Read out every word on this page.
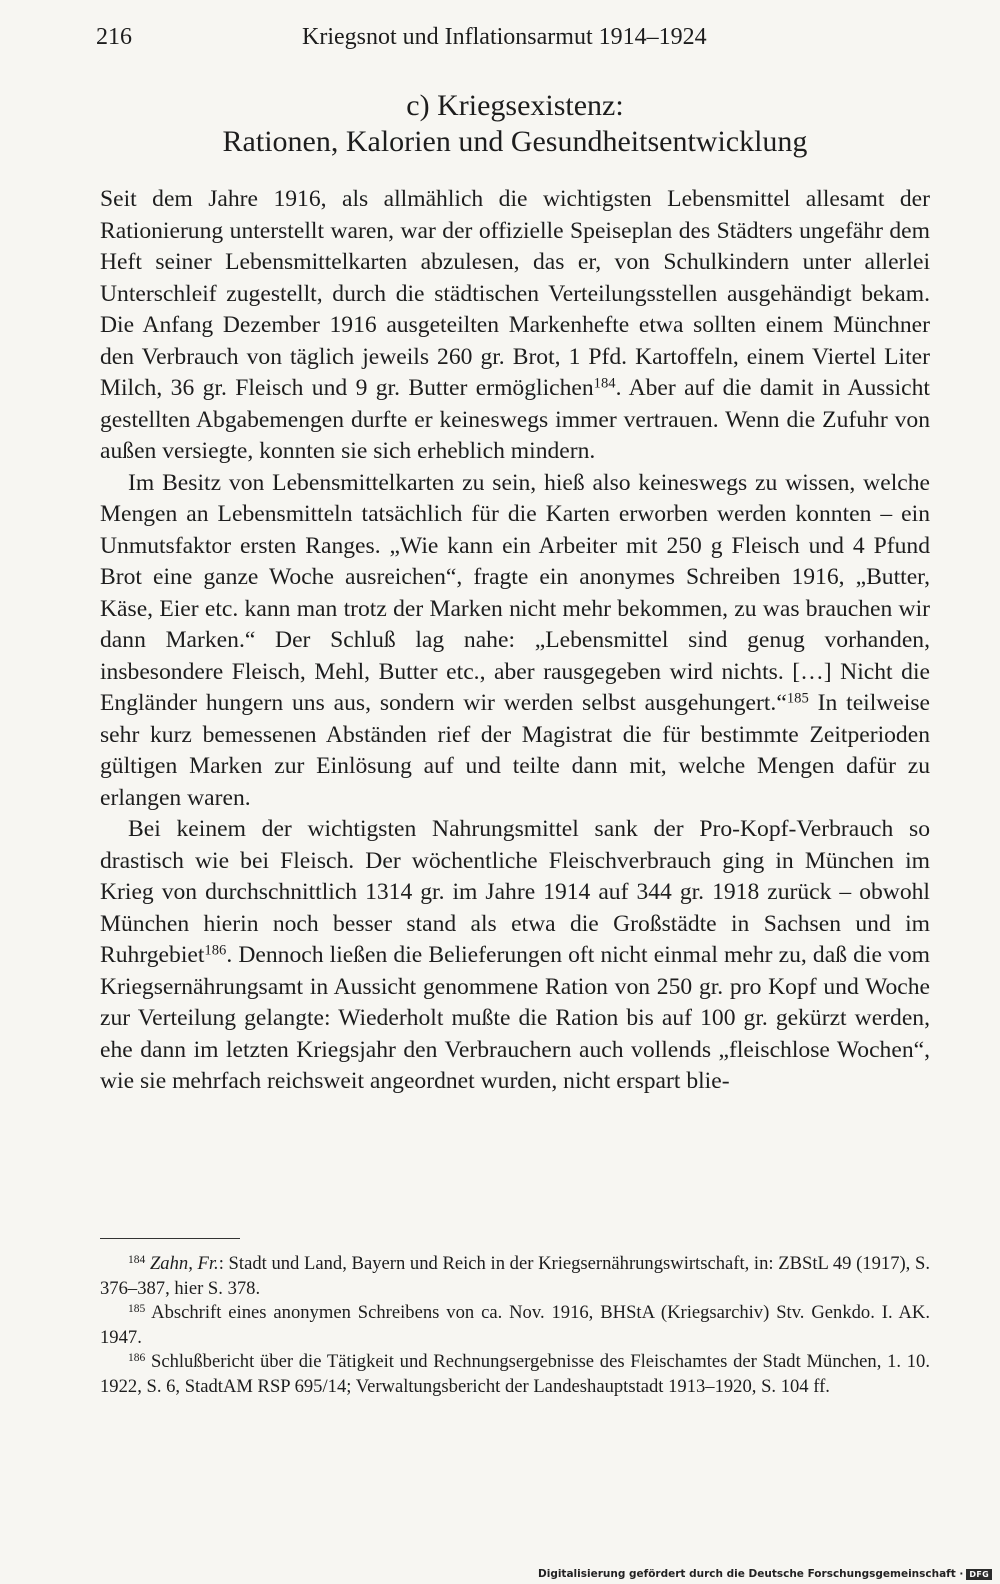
216	Kriegsnot und Inflationsarmut 1914–1924
c) Kriegsexistenz:
Rationen, Kalorien und Gesundheitsentwicklung

Seit dem Jahre 1916, als allmählich die wichtigsten Lebensmittel allesamt der Rationierung unterstellt waren, war der offizielle Speiseplan des Städters ungefähr dem Heft seiner Lebensmittelkarten abzulesen, das er, von Schulkindern unter allerlei Unterschleif zugestellt, durch die städtischen Verteilungsstellen ausgehändigt bekam. Die Anfang Dezember 1916 ausgeteilten Markenhefte etwa sollten einem Münchner den Verbrauch von täglich jeweils 260 gr. Brot, 1 Pfd. Kartoffeln, einem Viertel Liter Milch, 36 gr. Fleisch und 9 gr. Butter ermöglichen$^{184}$. Aber auf die damit in Aussicht gestellten Abgabemengen durfte er keineswegs immer vertrauen. Wenn die Zufuhr von außen versiegte, konnten sie sich erheblich mindern.

Im Besitz von Lebensmittelkarten zu sein, hieß also keineswegs zu wissen, welche Mengen an Lebensmitteln tatsächlich für die Karten erworben werden konnten – ein Unmutsfaktor ersten Ranges. „Wie kann ein Arbeiter mit 250 g Fleisch und 4 Pfund Brot eine ganze Woche ausreichen“, fragte ein anonymes Schreiben 1916, „Butter, Käse, Eier etc. kann man trotz der Marken nicht mehr bekommen, zu was brauchen wir dann Marken.“ Der Schluß lag nahe: „Lebensmittel sind genug vorhanden, insbesondere Fleisch, Mehl, Butter etc., aber rausgegeben wird nichts. […] Nicht die Engländer hungern uns aus, sondern wir werden selbst ausgehungert.“$^{185}$ In teilweise sehr kurz bemessenen Abständen rief der Magistrat die für bestimmte Zeitperioden gültigen Marken zur Einlösung auf und teilte dann mit, welche Mengen dafür zu erlangen waren.

Bei keinem der wichtigsten Nahrungsmittel sank der Pro-Kopf-Verbrauch so drastisch wie bei Fleisch. Der wöchentliche Fleischverbrauch ging in München im Krieg von durchschnittlich 1314 gr. im Jahre 1914 auf 344 gr. 1918 zurück – obwohl München hierin noch besser stand als etwa die Großstädte in Sachsen und im Ruhrgebiet$^{186}$. Dennoch ließen die Belieferungen oft nicht einmal mehr zu, daß die vom Kriegsernährungsamt in Aussicht genommene Ration von 250 gr. pro Kopf und Woche zur Verteilung gelangte: Wiederholt mußte die Ration bis auf 100 gr. gekürzt werden, ehe dann im letzten Kriegsjahr den Verbrauchern auch vollends „fleischlose Wochen“, wie sie mehrfach reichsweit angeordnet wurden, nicht erspart blie-

$^{184}$ Zahn, Fr.: Stadt und Land, Bayern und Reich in der Kriegsernährungswirtschaft, in: ZBStL 49 (1917), S. 376–387, hier S. 378.

$^{185}$ Abschrift eines anonymen Schreibens von ca. Nov. 1916, BHStA (Kriegsarchiv) Stv. Genkdo. I. AK. 1947.

$^{186}$ Schlußbericht über die Tätigkeit und Rechnungsergebnisse des Fleischamtes der Stadt München, 1. 10. 1922, S. 6, StadtAM RSP 695/14; Verwaltungsbericht der Landeshauptstadt 1913–1920, S. 104 ff.

Digitalisierung gefördert durch die Deutsche Forschungsgemeinschaft · DFG
